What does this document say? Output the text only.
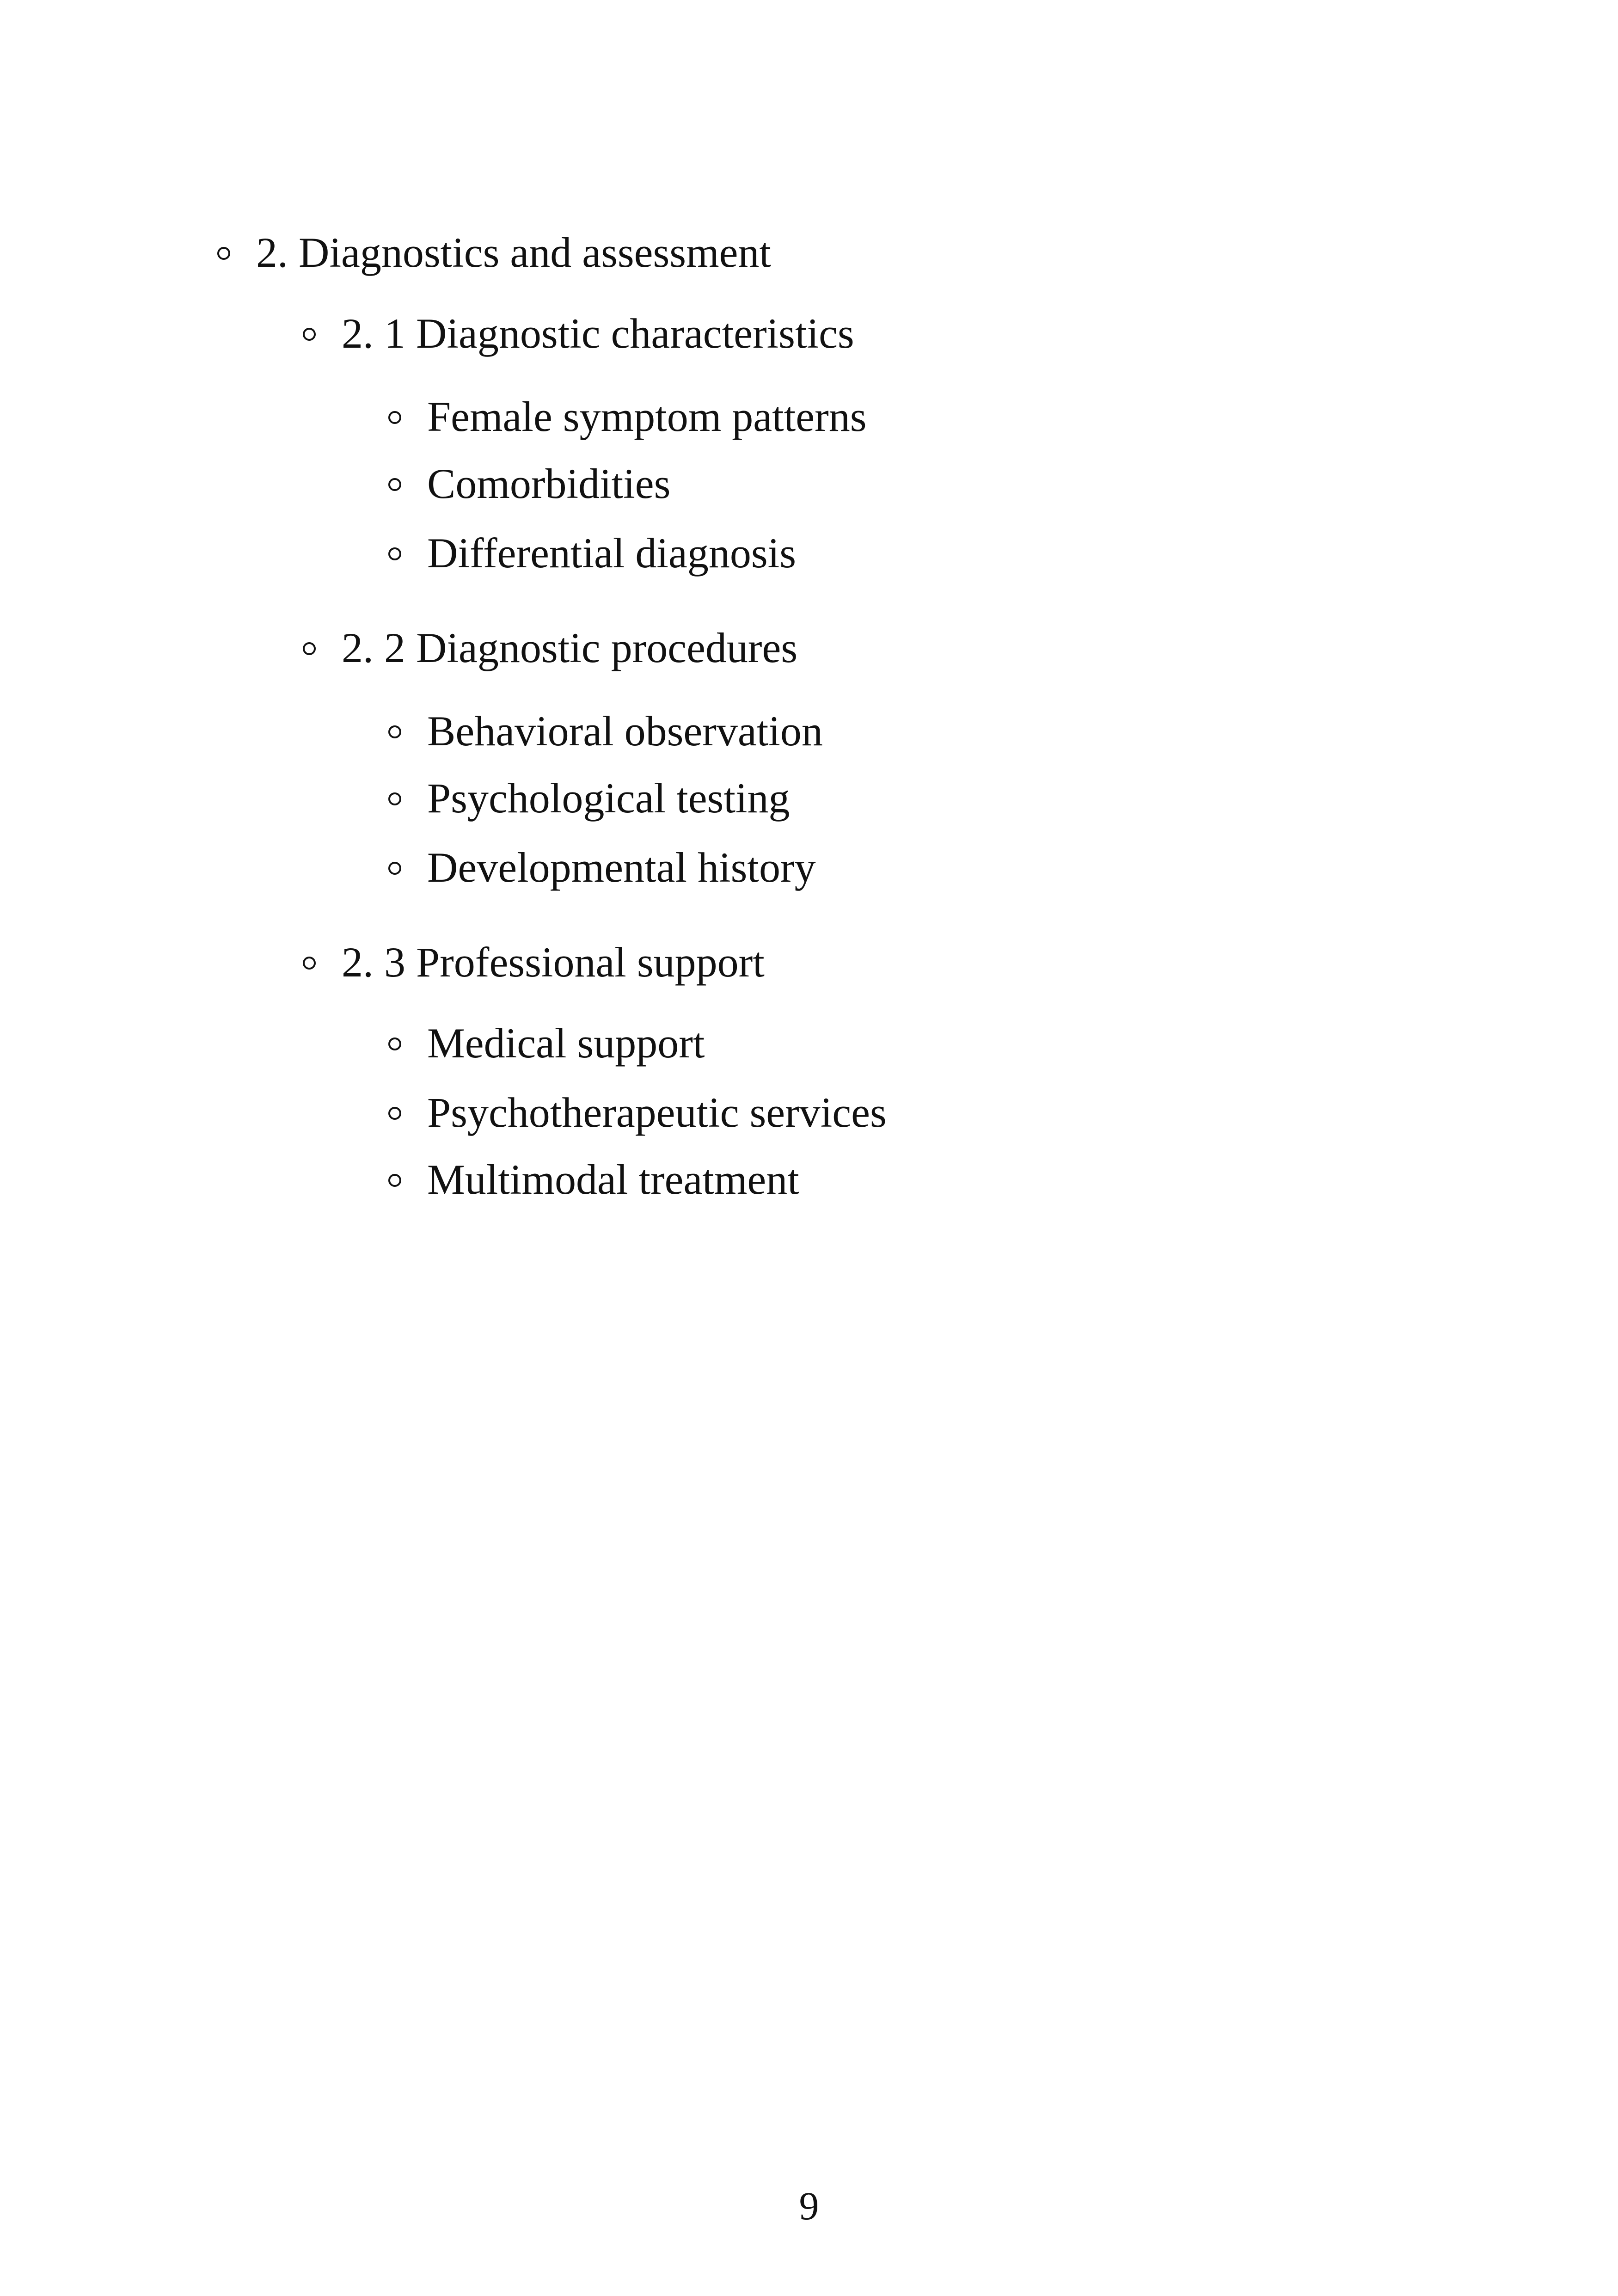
2. Diagnostics and assessment
2. 1 Diagnostic characteristics
Female symptom patterns
Comorbidities
Differential diagnosis
2. 2 Diagnostic procedures
Behavioral observation
Psychological testing
Developmental history
2. 3 Professional support
Medical support
Psychotherapeutic services
Multimodal treatment
9
